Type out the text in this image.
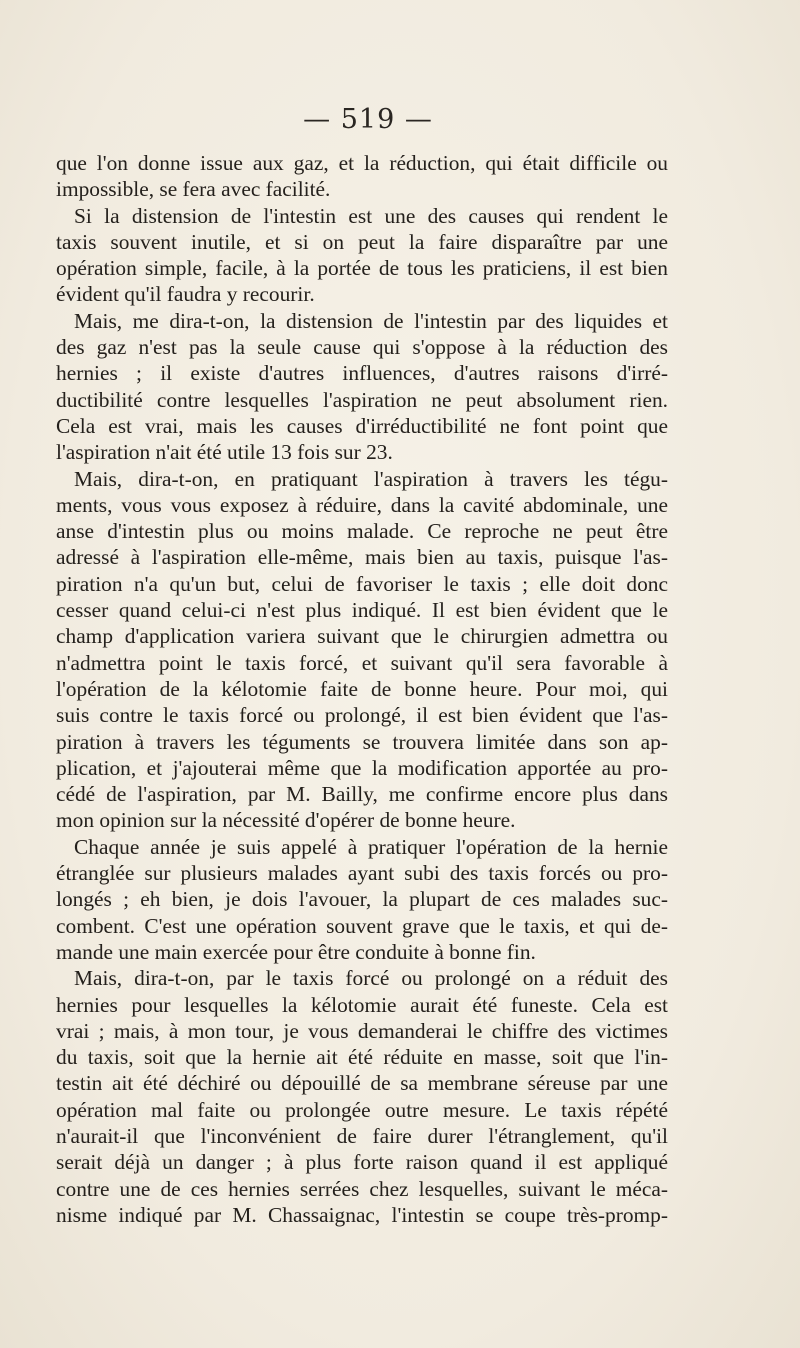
— 519 —
que l'on donne issue aux gaz, et la réduction, qui était difficile ou
impossible, se fera avec facilité.
Si la distension de l'intestin est une des causes qui rendent le
taxis souvent inutile, et si on peut la faire disparaître par une
opération simple, facile, à la portée de tous les praticiens, il est bien
évident qu'il faudra y recourir.
Mais, me dira-t-on, la distension de l'intestin par des liquides et
des gaz n'est pas la seule cause qui s'oppose à la réduction des
hernies ; il existe d'autres influences, d'autres raisons d'irré-
ductibilité contre lesquelles l'aspiration ne peut absolument rien.
Cela est vrai, mais les causes d'irréductibilité ne font point que
l'aspiration n'ait été utile 13 fois sur 23.
Mais, dira-t-on, en pratiquant l'aspiration à travers les tégu-
ments, vous vous exposez à réduire, dans la cavité abdominale, une
anse d'intestin plus ou moins malade. Ce reproche ne peut être
adressé à l'aspiration elle-même, mais bien au taxis, puisque l'as-
piration n'a qu'un but, celui de favoriser le taxis ; elle doit donc
cesser quand celui-ci n'est plus indiqué. Il est bien évident que le
champ d'application variera suivant que le chirurgien admettra ou
n'admettra point le taxis forcé, et suivant qu'il sera favorable à
l'opération de la kélotomie faite de bonne heure. Pour moi, qui
suis contre le taxis forcé ou prolongé, il est bien évident que l'as-
piration à travers les téguments se trouvera limitée dans son ap-
plication, et j'ajouterai même que la modification apportée au pro-
cédé de l'aspiration, par M. Bailly, me confirme encore plus dans
mon opinion sur la nécessité d'opérer de bonne heure.
Chaque année je suis appelé à pratiquer l'opération de la hernie
étranglée sur plusieurs malades ayant subi des taxis forcés ou pro-
longés ; eh bien, je dois l'avouer, la plupart de ces malades suc-
combent. C'est une opération souvent grave que le taxis, et qui de-
mande une main exercée pour être conduite à bonne fin.
Mais, dira-t-on, par le taxis forcé ou prolongé on a réduit des
hernies pour lesquelles la kélotomie aurait été funeste. Cela est
vrai ; mais, à mon tour, je vous demanderai le chiffre des victimes
du taxis, soit que la hernie ait été réduite en masse, soit que l'in-
testin ait été déchiré ou dépouillé de sa membrane séreuse par une
opération mal faite ou prolongée outre mesure. Le taxis répété
n'aurait-il que l'inconvénient de faire durer l'étranglement, qu'il
serait déjà un danger ; à plus forte raison quand il est appliqué
contre une de ces hernies serrées chez lesquelles, suivant le méca-
nisme indiqué par M. Chassaignac, l'intestin se coupe très-promp-
